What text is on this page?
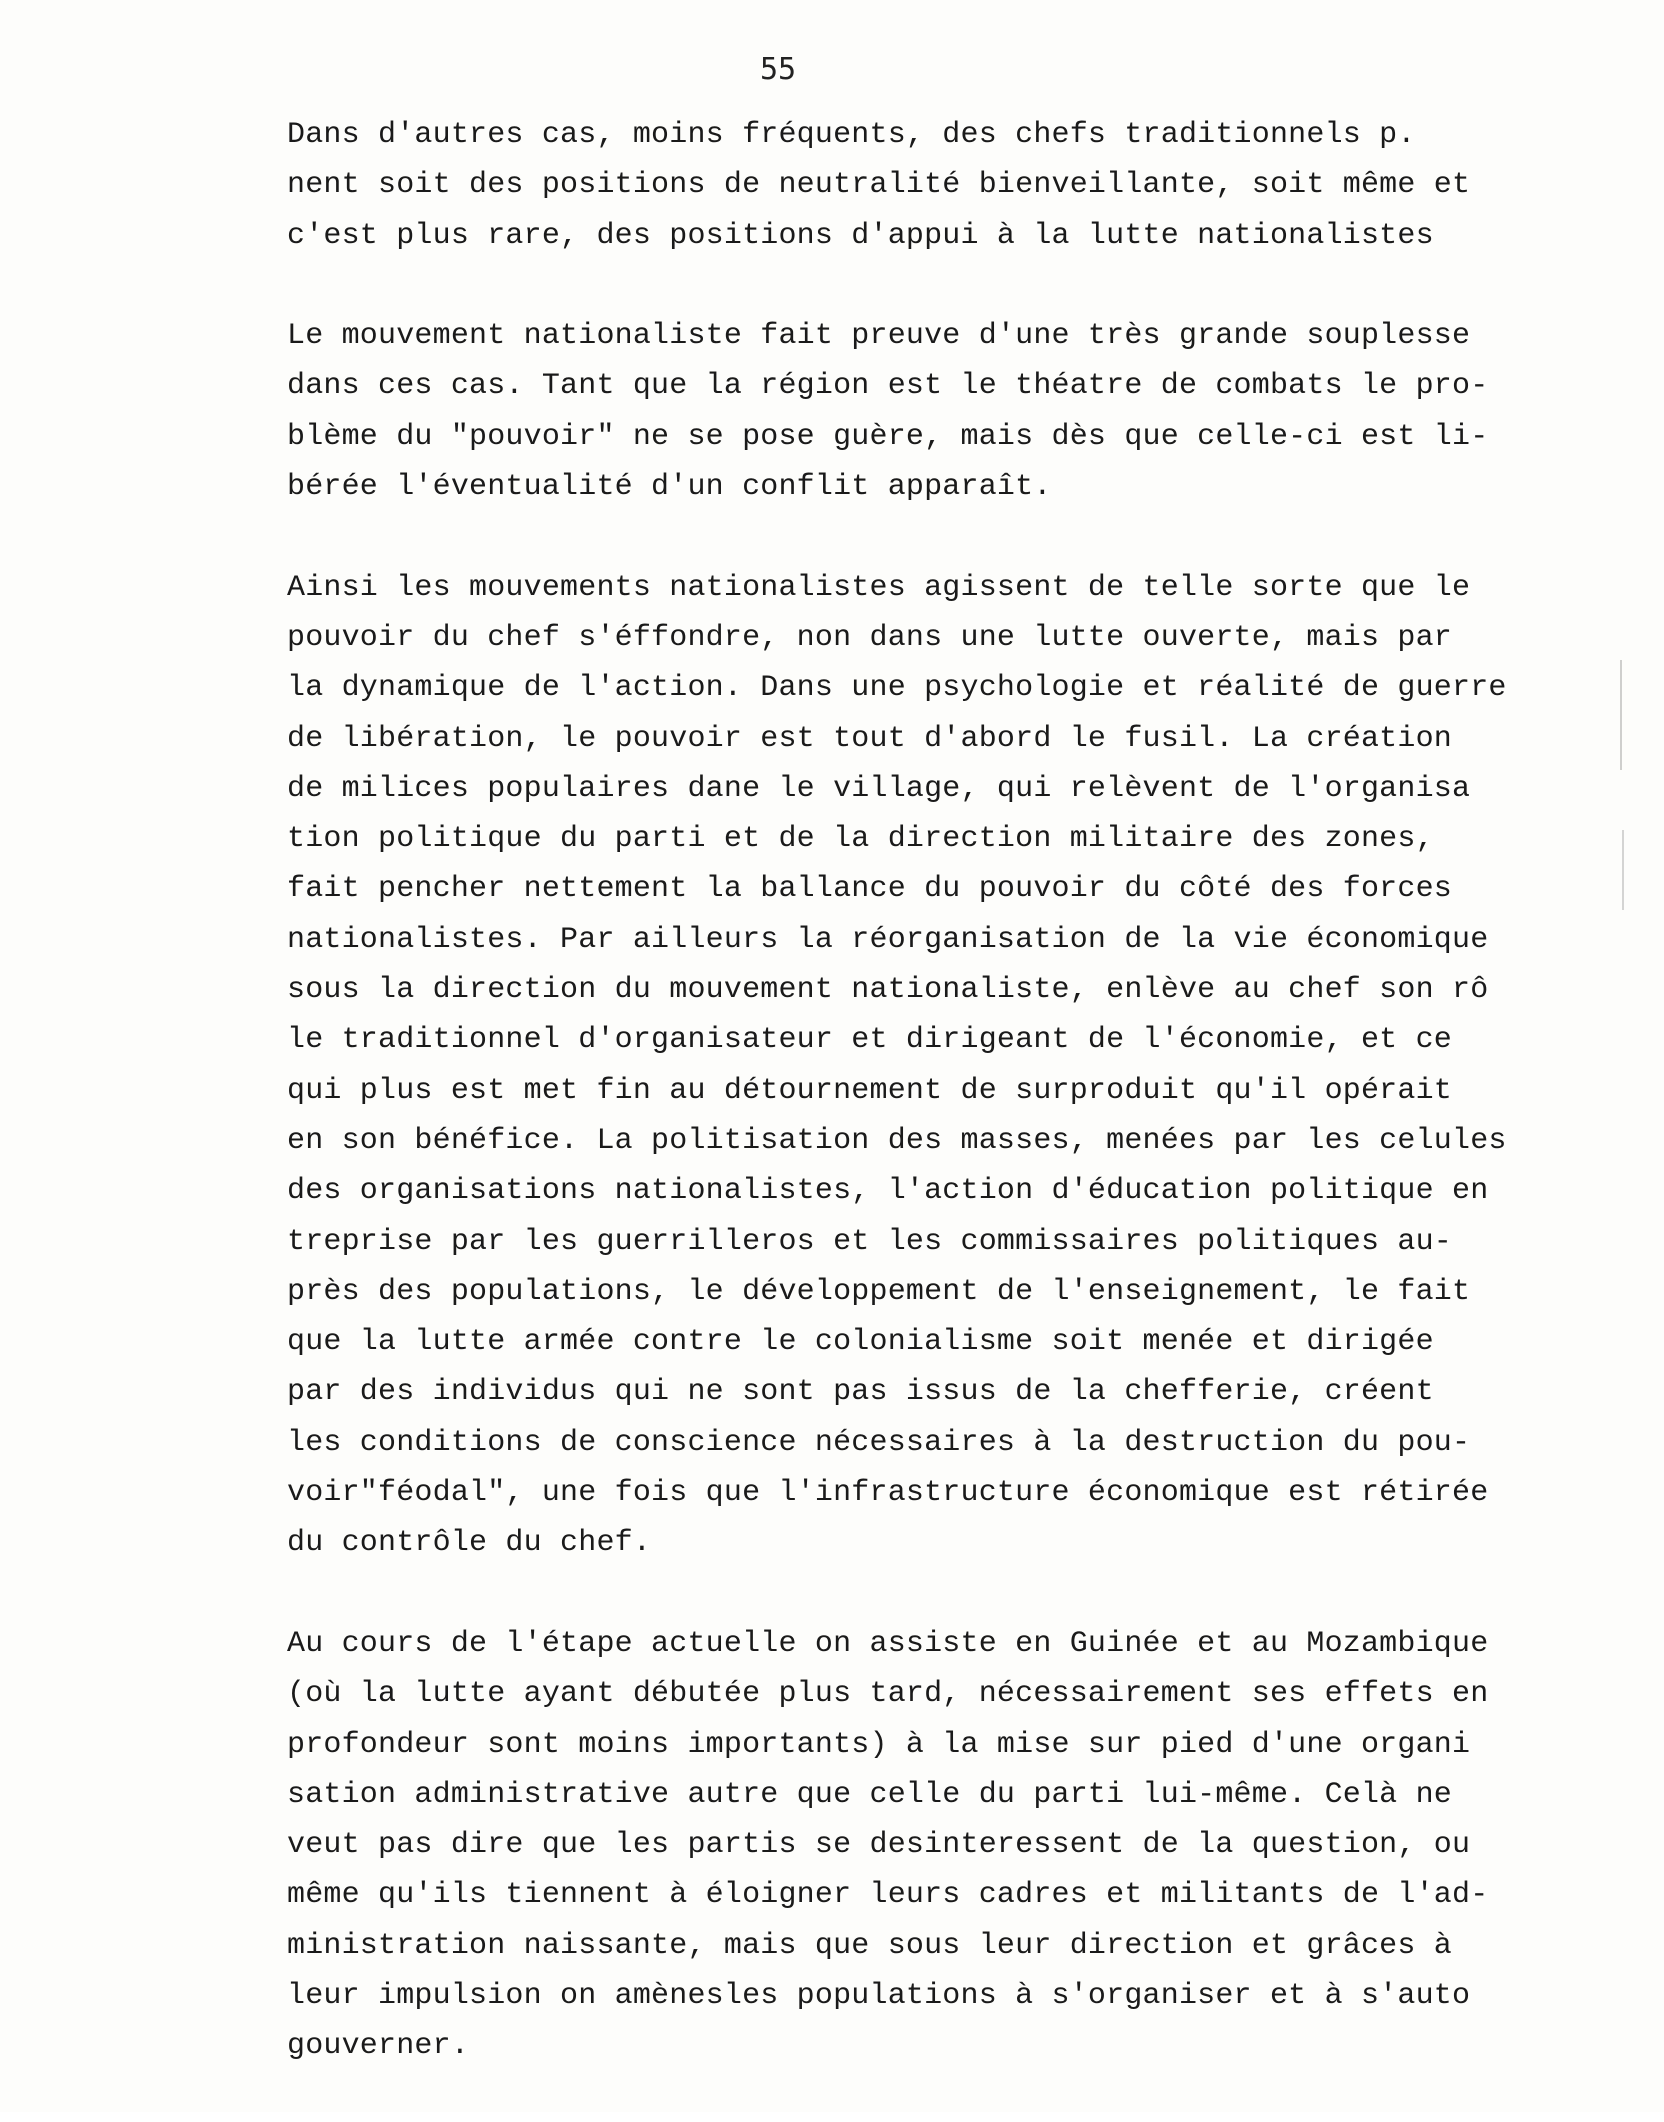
55
Dans d'autres cas, moins fréquents, des chefs traditionnels p.
nent soit des positions de neutralité bienveillante, soit même et
c'est plus rare, des positions d'appui à la lutte nationalistes
Le mouvement nationaliste fait preuve d'une très grande souplesse
dans ces cas. Tant que la région est le théatre de combats le pro-
blème du "pouvoir" ne se pose guère, mais dès que celle-ci est li-
bérée l'éventualité d'un conflit apparaît.
Ainsi les mouvements nationalistes agissent de telle sorte que le
pouvoir du chef s'éffondre, non dans une lutte ouverte, mais par
la dynamique de l'action. Dans une psychologie et réalité de guerre
de libération, le pouvoir est tout d'abord le fusil. La création
de milices populaires dane le village, qui relèvent de l'organisa
tion politique du parti et de la direction militaire des zones,
fait pencher nettement la ballance du pouvoir du côté des forces
nationalistes. Par ailleurs la réorganisation de la vie économique
sous la direction du mouvement nationaliste, enlève au chef son rô
le traditionnel d'organisateur et dirigeant de l'économie, et ce
qui plus est met fin au détournement de surproduit qu'il opérait
en son bénéfice. La politisation des masses, menées par les celules
des organisations nationalistes, l'action d'éducation politique en
treprise par les guerrilleros et les commissaires politiques au-
près des populations, le développement de l'enseignement, le fait
que la lutte armée contre le colonialisme soit menée et dirigée
par des individus qui ne sont pas issus de la chefferie, créent
les conditions de conscience nécessaires à la destruction du pou-
voir"féodal", une fois que l'infrastructure économique est rétirée
du contrôle du chef.
Au cours de l'étape actuelle on assiste en Guinée et au Mozambique
(où la lutte ayant débutée plus tard, nécessairement ses effets en
profondeur sont moins importants) à la mise sur pied d'une organi
sation administrative autre que celle du parti lui-même. Celà ne
veut pas dire que les partis se desinteressent de la question, ou
même qu'ils tiennent à éloigner leurs cadres et militants de l'ad-
ministration naissante, mais que sous leur direction et grâces à
leur impulsion on amènesles populations à s'organiser et à s'auto
gouverner.
